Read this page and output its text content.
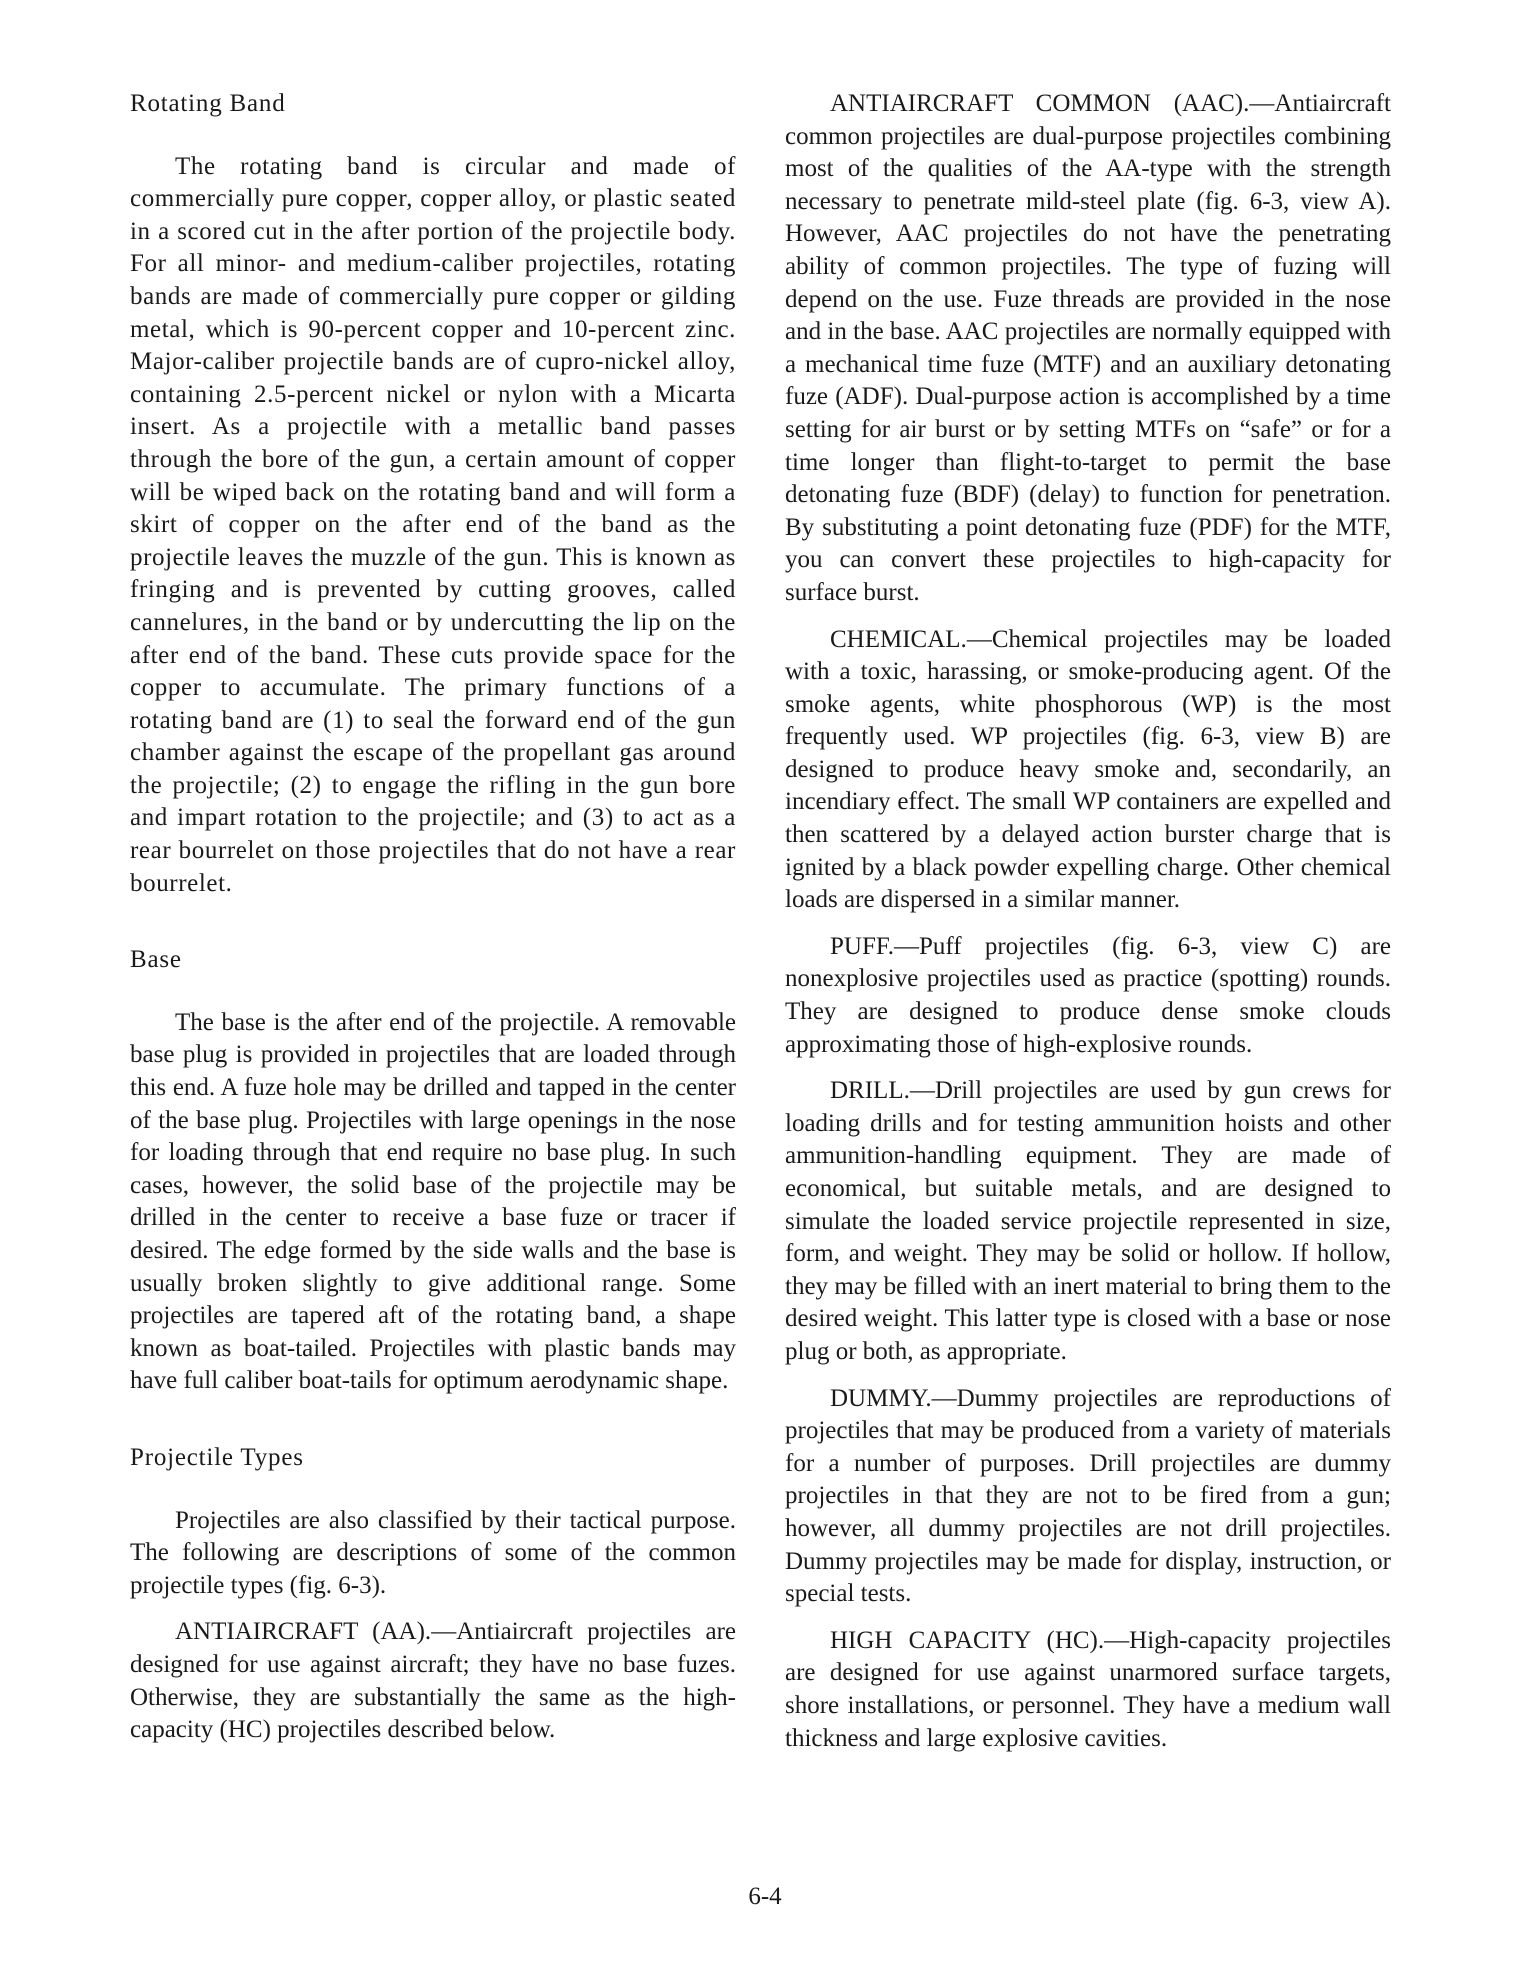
Rotating Band

The rotating band is circular and made of commercially pure copper, copper alloy, or plastic seated in a scored cut in the after portion of the projectile body. For all minor- and medium-caliber projectiles, rotating bands are made of commercially pure copper or gilding metal, which is 90-percent copper and 10-percent zinc. Major-caliber projectile bands are of cupro-nickel alloy, containing 2.5-percent nickel or nylon with a Micarta insert. As a projectile with a metallic band passes through the bore of the gun, a certain amount of copper will be wiped back on the rotating band and will form a skirt of copper on the after end of the band as the projectile leaves the muzzle of the gun. This is known as fringing and is prevented by cutting grooves, called cannelures, in the band or by undercutting the lip on the after end of the band. These cuts provide space for the copper to accumulate. The primary functions of a rotating band are (1) to seal the forward end of the gun chamber against the escape of the propellant gas around the projectile; (2) to engage the rifling in the gun bore and impart rotation to the projectile; and (3) to act as a rear bourrelet on those projectiles that do not have a rear bourrelet.

Base

The base is the after end of the projectile. A removable base plug is provided in projectiles that are loaded through this end. A fuze hole may be drilled and tapped in the center of the base plug. Projectiles with large openings in the nose for loading through that end require no base plug. In such cases, however, the solid base of the projectile may be drilled in the center to receive a base fuze or tracer if desired. The edge formed by the side walls and the base is usually broken slightly to give additional range. Some projectiles are tapered aft of the rotating band, a shape known as boat-tailed. Projectiles with plastic bands may have full caliber boat-tails for optimum aerodynamic shape.

Projectile Types

Projectiles are also classified by their tactical purpose. The following are descriptions of some of the common projectile types (fig. 6-3).

ANTIAIRCRAFT (AA).—Antiaircraft projectiles are designed for use against aircraft; they have no base fuzes. Otherwise, they are substantially the same as the high-capacity (HC) projectiles described below.

ANTIAIRCRAFT COMMON (AAC).—Antiaircraft common projectiles are dual-purpose projectiles combining most of the qualities of the AA-type with the strength necessary to penetrate mild-steel plate (fig. 6-3, view A). However, AAC projectiles do not have the penetrating ability of common projectiles. The type of fuzing will depend on the use. Fuze threads are provided in the nose and in the base. AAC projectiles are normally equipped with a mechanical time fuze (MTF) and an auxiliary detonating fuze (ADF). Dual-purpose action is accomplished by a time setting for air burst or by setting MTFs on “safe” or for a time longer than flight-to-target to permit the base detonating fuze (BDF) (delay) to function for penetration. By substituting a point detonating fuze (PDF) for the MTF, you can convert these projectiles to high-capacity for surface burst.

CHEMICAL.—Chemical projectiles may be loaded with a toxic, harassing, or smoke-producing agent. Of the smoke agents, white phosphorous (WP) is the most frequently used. WP projectiles (fig. 6-3, view B) are designed to produce heavy smoke and, secondarily, an incendiary effect. The small WP containers are expelled and then scattered by a delayed action burster charge that is ignited by a black powder expelling charge. Other chemical loads are dispersed in a similar manner.

PUFF.—Puff projectiles (fig. 6-3, view C) are nonexplosive projectiles used as practice (spotting) rounds. They are designed to produce dense smoke clouds approximating those of high-explosive rounds.

DRILL.—Drill projectiles are used by gun crews for loading drills and for testing ammunition hoists and other ammunition-handling equipment. They are made of economical, but suitable metals, and are designed to simulate the loaded service projectile represented in size, form, and weight. They may be solid or hollow. If hollow, they may be filled with an inert material to bring them to the desired weight. This latter type is closed with a base or nose plug or both, as appropriate.

DUMMY.—Dummy projectiles are reproductions of projectiles that may be produced from a variety of materials for a number of purposes. Drill projectiles are dummy projectiles in that they are not to be fired from a gun; however, all dummy projectiles are not drill projectiles. Dummy projectiles may be made for display, instruction, or special tests.

HIGH CAPACITY (HC).—High-capacity projectiles are designed for use against unarmored surface targets, shore installations, or personnel. They have a medium wall thickness and large explosive cavities.

6-4
